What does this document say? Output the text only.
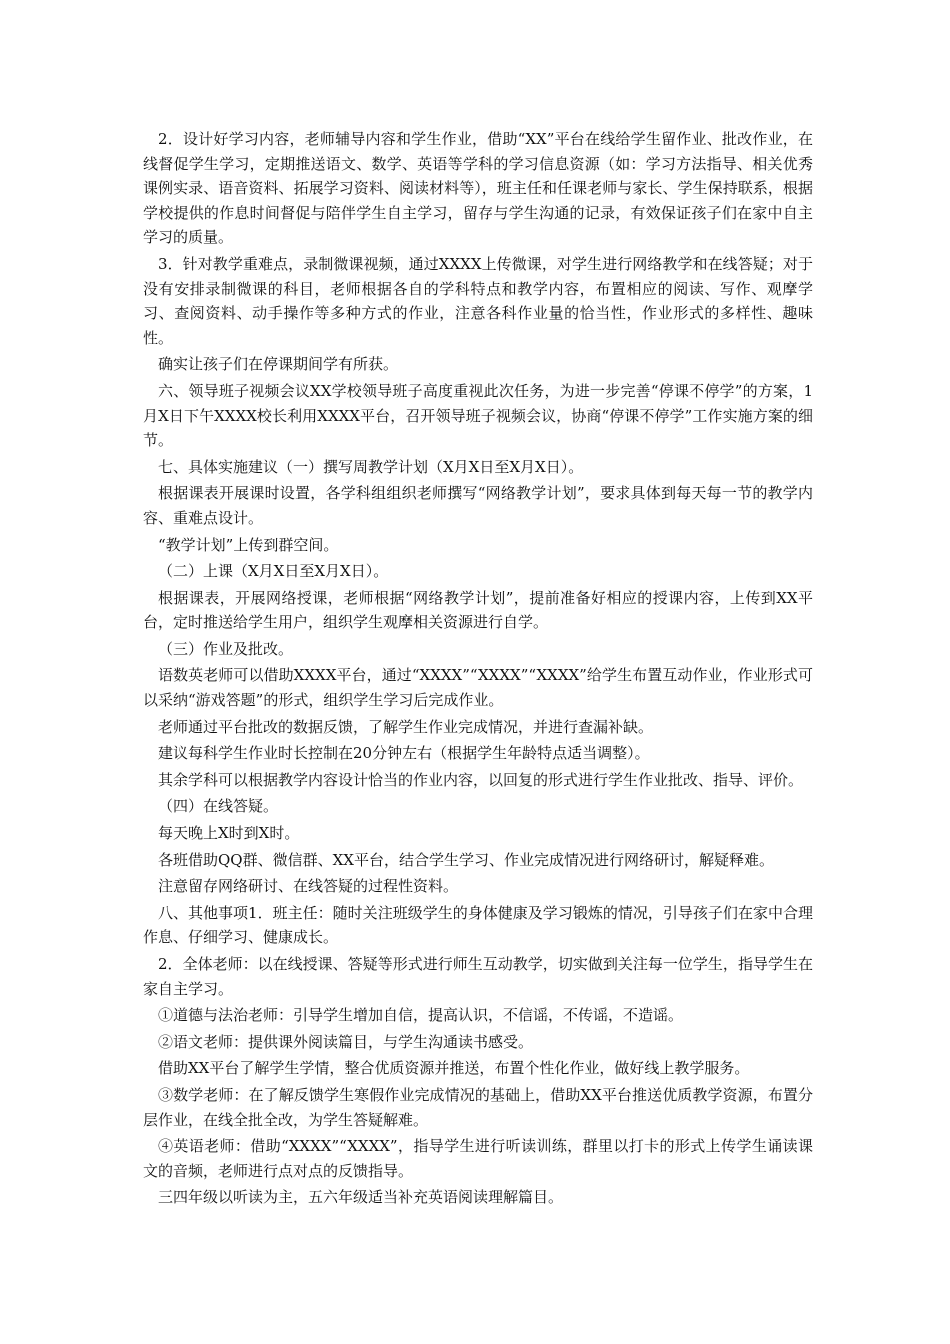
2．设计好学习内容，老师辅导内容和学生作业，借助“XX”平台在线给学生留作业、批改作业，在线督促学生学习，定期推送语文、数学、英语等学科的学习信息资源（如：学习方法指导、相关优秀课例实录、语音资料、拓展学习资料、阅读材料等），班主任和任课老师与家长、学生保持联系，根据学校提供的作息时间督促与陪伴学生自主学习，留存与学生沟通的记录，有效保证孩子们在家中自主学习的质量。

3．针对教学重难点，录制微课视频，通过XXXX上传微课，对学生进行网络教学和在线答疑；对于没有安排录制微课的科目，老师根据各自的学科特点和教学内容，布置相应的阅读、写作、观摩学习、查阅资料、动手操作等多种方式的作业，注意各科作业量的恰当性，作业形式的多样性、趣味性。

确实让孩子们在停课期间学有所获。

六、领导班子视频会议XX学校领导班子高度重视此次任务，为进一步完善“停课不停学”的方案，1月X日下午XXXX校长利用XXXX平台，召开领导班子视频会议，协商“停课不停学”工作实施方案的细节。

七、具体实施建议（一）撰写周教学计划（X月X日至X月X日）。

根据课表开展课时设置，各学科组组织老师撰写“网络教学计划”，要求具体到每天每一节的教学内容、重难点设计。

“教学计划”上传到群空间。

（二）上课（X月X日至X月X日）。

根据课表，开展网络授课，老师根据“网络教学计划”，提前准备好相应的授课内容，上传到XX平台，定时推送给学生用户，组织学生观摩相关资源进行自学。

（三）作业及批改。

语数英老师可以借助XXXX平台，通过“XXXX”“XXXX”“XXXX”给学生布置互动作业，作业形式可以采纳“游戏答题”的形式，组织学生学习后完成作业。

老师通过平台批改的数据反馈，了解学生作业完成情况，并进行查漏补缺。

建议每科学生作业时长控制在20分钟左右（根据学生年龄特点适当调整）。

其余学科可以根据教学内容设计恰当的作业内容，以回复的形式进行学生作业批改、指导、评价。

（四）在线答疑。

每天晚上X时到X时。

各班借助QQ群、微信群、XX平台，结合学生学习、作业完成情况进行网络研讨，解疑释难。

注意留存网络研讨、在线答疑的过程性资料。

八、其他事项1．班主任：随时关注班级学生的身体健康及学习锻炼的情况，引导孩子们在家中合理作息、仔细学习、健康成长。

2．全体老师：以在线授课、答疑等形式进行师生互动教学，切实做到关注每一位学生，指导学生在家自主学习。

①道德与法治老师：引导学生增加自信，提高认识，不信谣，不传谣，不造谣。

②语文老师：提供课外阅读篇目，与学生沟通读书感受。

借助XX平台了解学生学情，整合优质资源并推送，布置个性化作业，做好线上教学服务。

③数学老师：在了解反馈学生寒假作业完成情况的基础上，借助XX平台推送优质教学资源，布置分层作业，在线全批全改，为学生答疑解难。

④英语老师：借助“XXXX”“XXXX”，指导学生进行听读训练，群里以打卡的形式上传学生诵读课文的音频，老师进行点对点的反馈指导。

三四年级以听读为主，五六年级适当补充英语阅读理解篇目。
